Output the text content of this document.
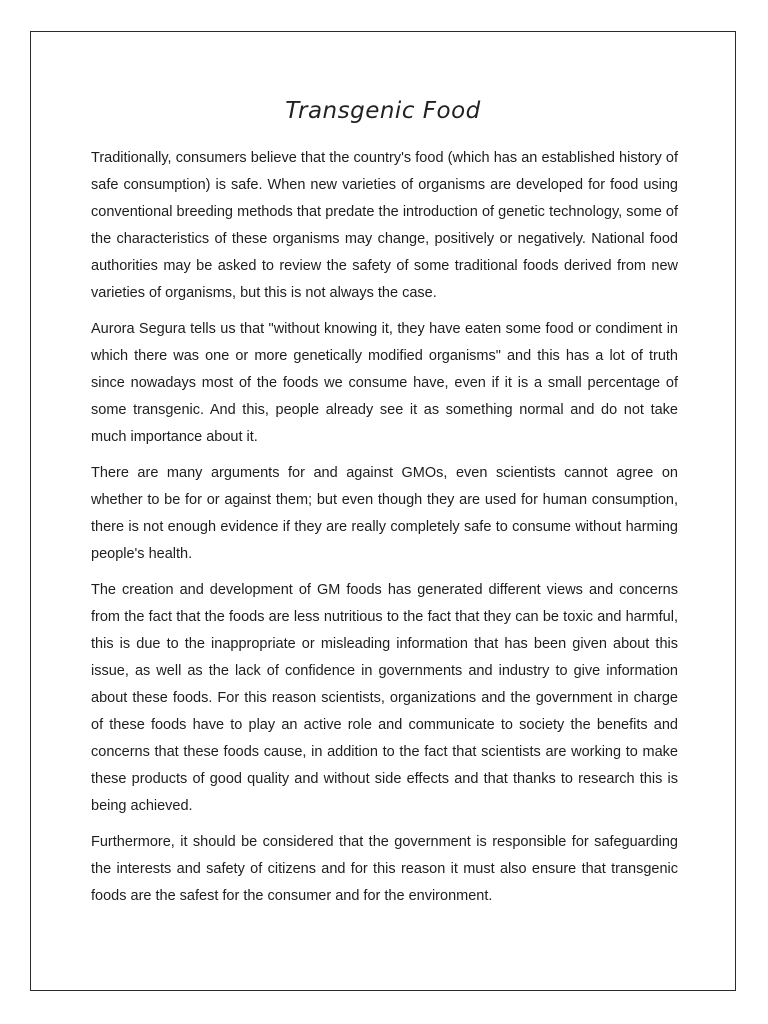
Transgenic Food

Traditionally, consumers believe that the country's food (which has an established history of safe consumption) is safe. When new varieties of organisms are developed for food using conventional breeding methods that predate the introduction of genetic technology, some of the characteristics of these organisms may change, positively or negatively. National food authorities may be asked to review the safety of some traditional foods derived from new varieties of organisms, but this is not always the case.

Aurora Segura tells us that "without knowing it, they have eaten some food or condiment in which there was one or more genetically modified organisms" and this has a lot of truth since nowadays most of the foods we consume have, even if it is a small percentage of some transgenic. And this, people already see it as something normal and do not take much importance about it.

There are many arguments for and against GMOs, even scientists cannot agree on whether to be for or against them; but even though they are used for human consumption, there is not enough evidence if they are really completely safe to consume without harming people's health.

The creation and development of GM foods has generated different views and concerns from the fact that the foods are less nutritious to the fact that they can be toxic and harmful, this is due to the inappropriate or misleading information that has been given about this issue, as well as the lack of confidence in governments and industry to give information about these foods. For this reason scientists, organizations and the government in charge of these foods have to play an active role and communicate to society the benefits and concerns that these foods cause, in addition to the fact that scientists are working to make these products of good quality and without side effects and that thanks to research this is being achieved.

Furthermore, it should be considered that the government is responsible for safeguarding the interests and safety of citizens and for this reason it must also ensure that transgenic foods are the safest for the consumer and for the environment.
